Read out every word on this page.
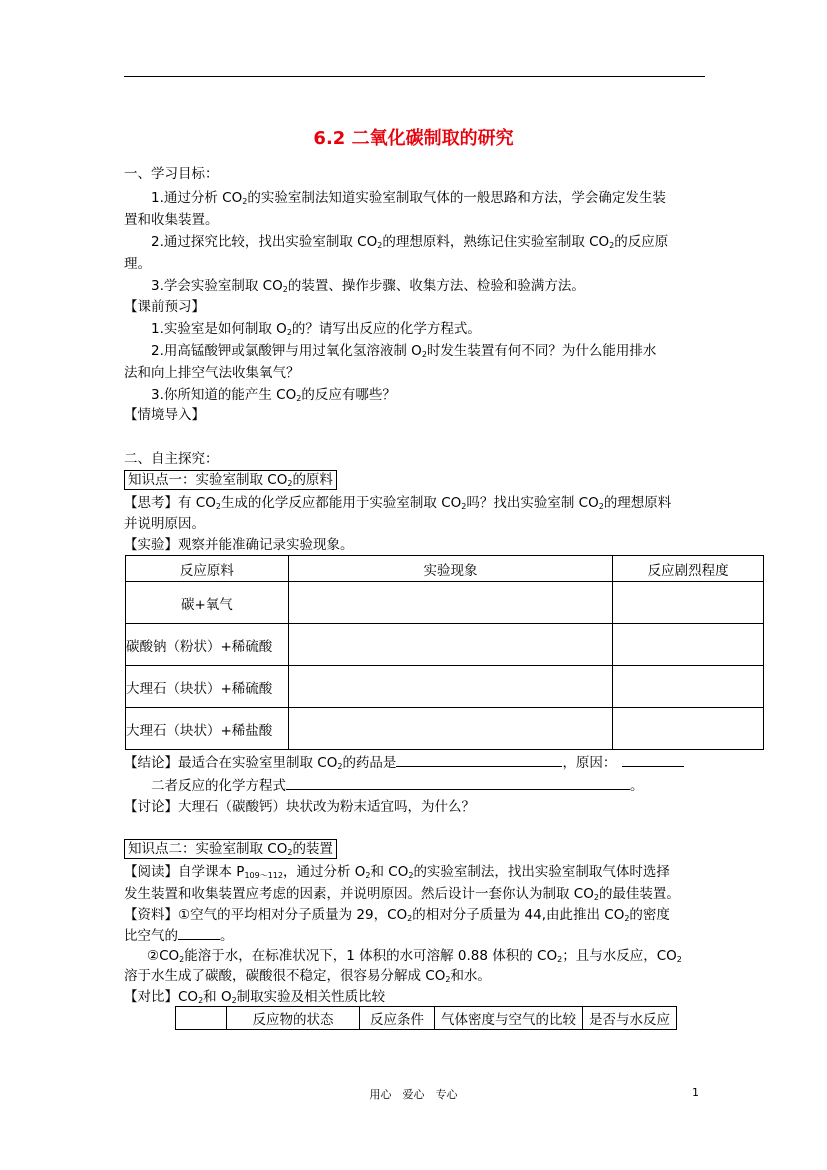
6.2 二氧化碳制取的研究
一、学习目标：
1.通过分析 $CO_2$的实验室制法知道实验室制取气体的一般思路和方法，学会确定发生装
置和收集装置。
2.通过探究比较，找出实验室制取 $CO_2$的理想原料，熟练记住实验室制取 $CO_2$的反应原
理。
3.学会实验室制取 $CO_2$的装置、操作步骤、收集方法、检验和验满方法。
【课前预习】
1.实验室是如何制取 $O_2$的？请写出反应的化学方程式。
2.用高锰酸钾或氯酸钾与用过氧化氢溶液制 $O_2$时发生装置有何不同？为什么能用排水
法和向上排空气法收集氧气？
3.你所知道的能产生 $CO_2$的反应有哪些？
【情境导入】
二、自主探究：
知识点一：实验室制取 $CO_2$的原料
【思考】有 $CO_2$生成的化学反应都能用于实验室制取 $CO_2$吗？找出实验室制 $CO_2$的理想原料
并说明原因。
【实验】观察并能准确记录实验现象。
反应原料	实验现象	反应剧烈程度
碳+氧气		
碳酸钠（粉状）+稀硫酸		
大理石（块状）+稀硫酸		
大理石（块状）+稀盐酸		
【结论】最适合在实验室里制取 $CO_2$的药品是	，原因：
二者反应的化学方程式	。
【讨论】大理石（碳酸钙）块状改为粉末适宜吗，为什么？
知识点二：实验室制取 $CO_2$的装置
【阅读】自学课本 $P_{109\sim 112}$，通过分析 $O_2$和 $CO_2$的实验室制法，找出实验室制取气体时选择
发生装置和收集装置应考虑的因素，并说明原因。然后设计一套你认为制取 $CO_2$的最佳装置。
【资料】①空气的平均相对分子质量为 29，$CO_2$的相对分子质量为 44,由此推出 $CO_2$的密度
比空气的	。
$②CO_2$能溶于水，在标准状况下，1 体积的水可溶解 0.88 体积的 $CO_2$；且与水反应，$CO_2$
溶于水生成了碳酸，碳酸很不稳定，很容易分解成 $CO_2$和水。
【对比】$CO_2$和 $O_2$制取实验及相关性质比较
	反应物的状态	反应条件	气体密度与空气的比较	是否与水反应
用心　爱心　专心	1
